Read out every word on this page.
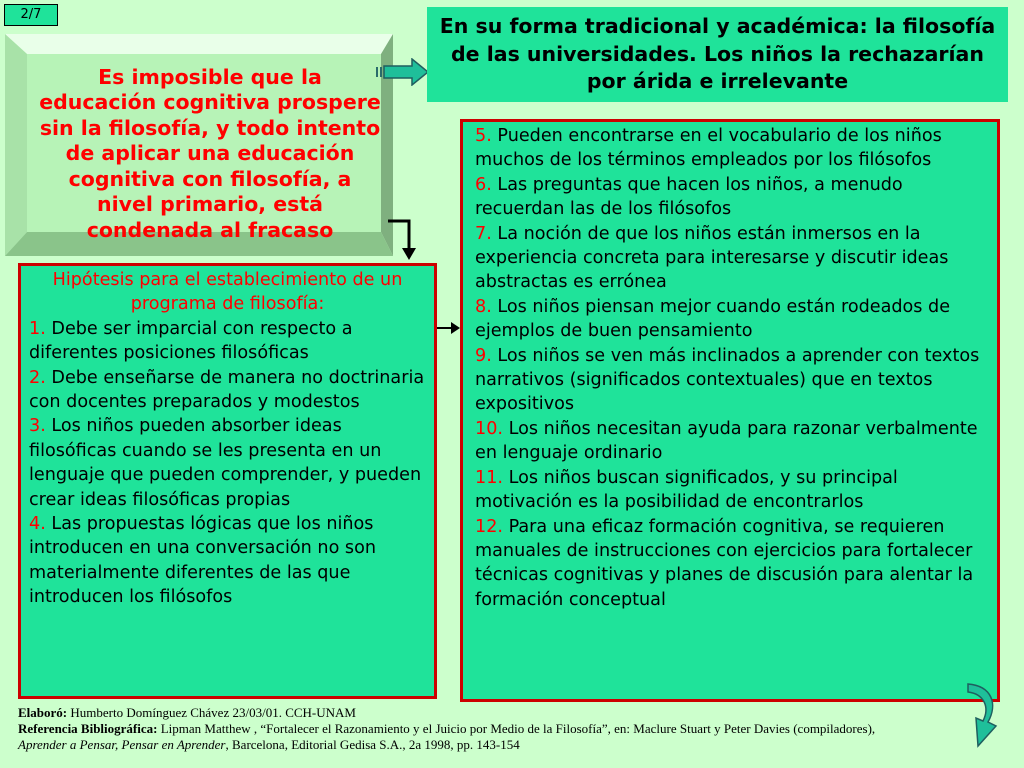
2/7
Es imposible que la educación cognitiva prospere sin la filosofía, y todo intento de aplicar una educación cognitiva con filosofía, a nivel primario, está condenada al fracaso
En su forma tradicional y académica: la filosofía de las universidades. Los niños la rechazarían por árida e irrelevante
Hipótesis para el establecimiento de un programa de filosofía:
1. Debe ser imparcial con respecto a diferentes posiciones filosóficas
2. Debe enseñarse de manera no doctrinaria con docentes preparados y modestos
3. Los niños pueden absorber ideas filosóficas cuando se les presenta en un lenguaje que pueden comprender, y pueden crear ideas filosóficas propias
4. Las propuestas lógicas que los niños introducen en una conversación no son materialmente diferentes de las que introducen los filósofos
5. Pueden encontrarse en el vocabulario de los niños muchos de los términos empleados por los filósofos
6. Las preguntas que hacen los niños, a menudo recuerdan las de los filósofos
7. La noción de que los niños están inmersos en la experiencia concreta para interesarse y discutir ideas abstractas es errónea
8. Los niños piensan mejor cuando están rodeados de ejemplos de buen pensamiento
9. Los niños se ven más inclinados a aprender con textos narrativos (significados contextuales) que en textos expositivos
10. Los niños necesitan ayuda para razonar verbalmente en lenguaje ordinario
11. Los niños buscan significados, y su principal motivación es la posibilidad de encontrarlos
12. Para una eficaz formación cognitiva, se requieren manuales de instrucciones con ejercicios para fortalecer técnicas cognitivas y planes de discusión para alentar la formación conceptual
Elaboró: Humberto Domínguez Chávez 23/03/01. CCH-UNAM
Referencia Bibliográfica: Lipman Matthew , “Fortalecer el Razonamiento y el Juicio por Medio de la Filosofía”, en: Maclure Stuart y Peter Davies (compiladores),
Aprender a Pensar, Pensar en Aprender, Barcelona, Editorial Gedisa S.A., 2a 1998, pp. 143-154
